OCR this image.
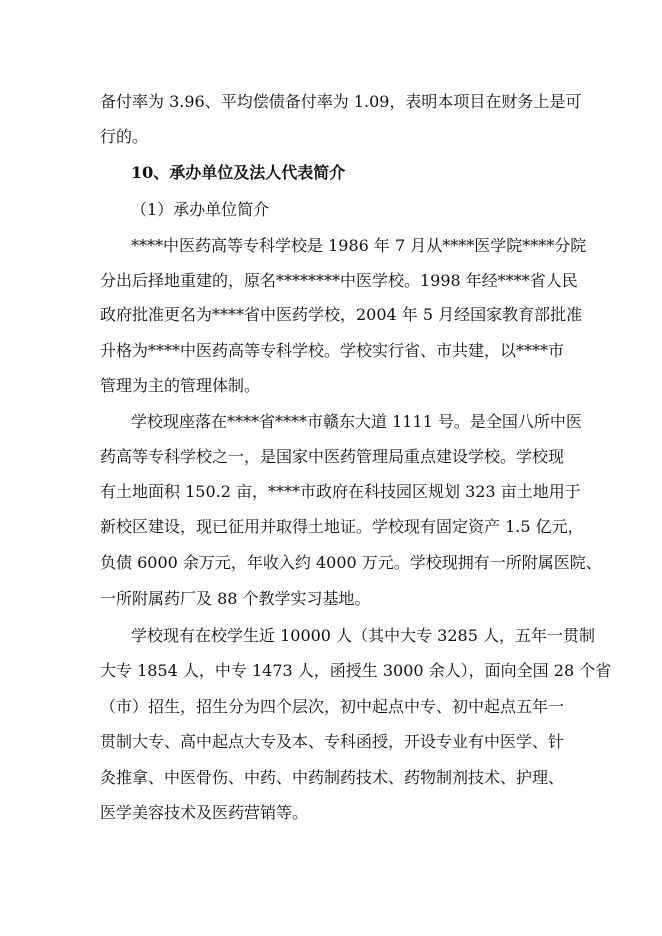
备付率为 3.96、平均偿债备付率为 1.09，表明本项目在财务上是可
行的。
10、承办单位及法人代表简介
（1）承办单位简介
****中医药高等专科学校是 1986 年 7 月从****医学院****分院
分出后择地重建的，原名********中医学校。1998 年经****省人民
政府批准更名为****省中医药学校，2004 年 5 月经国家教育部批准
升格为****中医药高等专科学校。学校实行省、市共建，以****市
管理为主的管理体制。
学校现座落在****省****市赣东大道 1111 号。是全国八所中医
药高等专科学校之一，是国家中医药管理局重点建设学校。学校现
有土地面积 150.2 亩，****市政府在科技园区规划 323 亩土地用于
新校区建设，现已征用并取得土地证。学校现有固定资产 1.5 亿元，
负债 6000 余万元，年收入约 4000 万元。学校现拥有一所附属医院、
一所附属药厂及 88 个教学实习基地。
学校现有在校学生近 10000 人（其中大专 3285 人，五年一贯制
大专 1854 人，中专 1473 人，函授生 3000 余人），面向全国 28 个省
（市）招生，招生分为四个层次，初中起点中专、初中起点五年一
贯制大专、高中起点大专及本、专科函授，开设专业有中医学、针
灸推拿、中医骨伤、中药、中药制药技术、药物制剂技术、护理、
医学美容技术及医药营销等。
